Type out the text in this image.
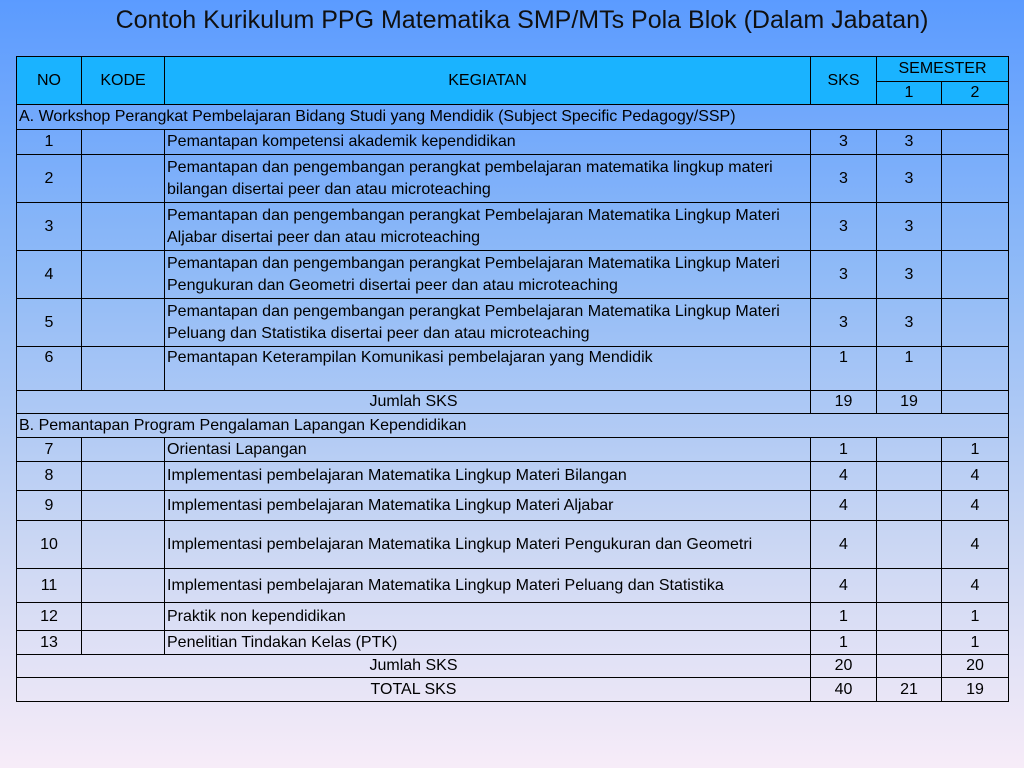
Contoh Kurikulum PPG Matematika SMP/MTs Pola Blok (Dalam Jabatan)
NO	KODE	KEGIATAN	SKS	SEMESTER	
				1	2
A. Workshop Perangkat Pembelajaran Bidang Studi yang Mendidik (Subject Specific Pedagogy/SSP)					
1		Pemantapan kompetensi akademik kependidikan	3	3	
2		Pemantapan dan pengembangan perangkat pembelajaran matematika lingkup materi bilangan disertai peer dan atau microteaching	3	3	
3		Pemantapan dan pengembangan perangkat Pembelajaran Matematika Lingkup Materi Aljabar disertai peer dan atau microteaching	3	3	
4		Pemantapan dan pengembangan perangkat Pembelajaran Matematika Lingkup Materi Pengukuran dan Geometri disertai peer dan atau microteaching	3	3	
5		Pemantapan dan pengembangan perangkat Pembelajaran Matematika Lingkup Materi Peluang dan Statistika disertai peer dan atau microteaching	3	3	
6		Pemantapan Keterampilan Komunikasi pembelajaran yang Mendidik	1	1	
Jumlah SKS			19	19	
B. Pemantapan Program Pengalaman Lapangan Kependidikan					
7		Orientasi Lapangan	1		1
8		Implementasi pembelajaran Matematika Lingkup Materi Bilangan	4		4
9		Implementasi pembelajaran Matematika Lingkup Materi Aljabar	4		4
10		Implementasi pembelajaran Matematika Lingkup Materi Pengukuran dan Geometri	4		4
11		Implementasi pembelajaran Matematika Lingkup Materi Peluang dan Statistika	4		4
12		Praktik non kependidikan	1		1
13		Penelitian Tindakan Kelas (PTK)	1		1
Jumlah SKS			20		20
TOTAL SKS			40	21	19
